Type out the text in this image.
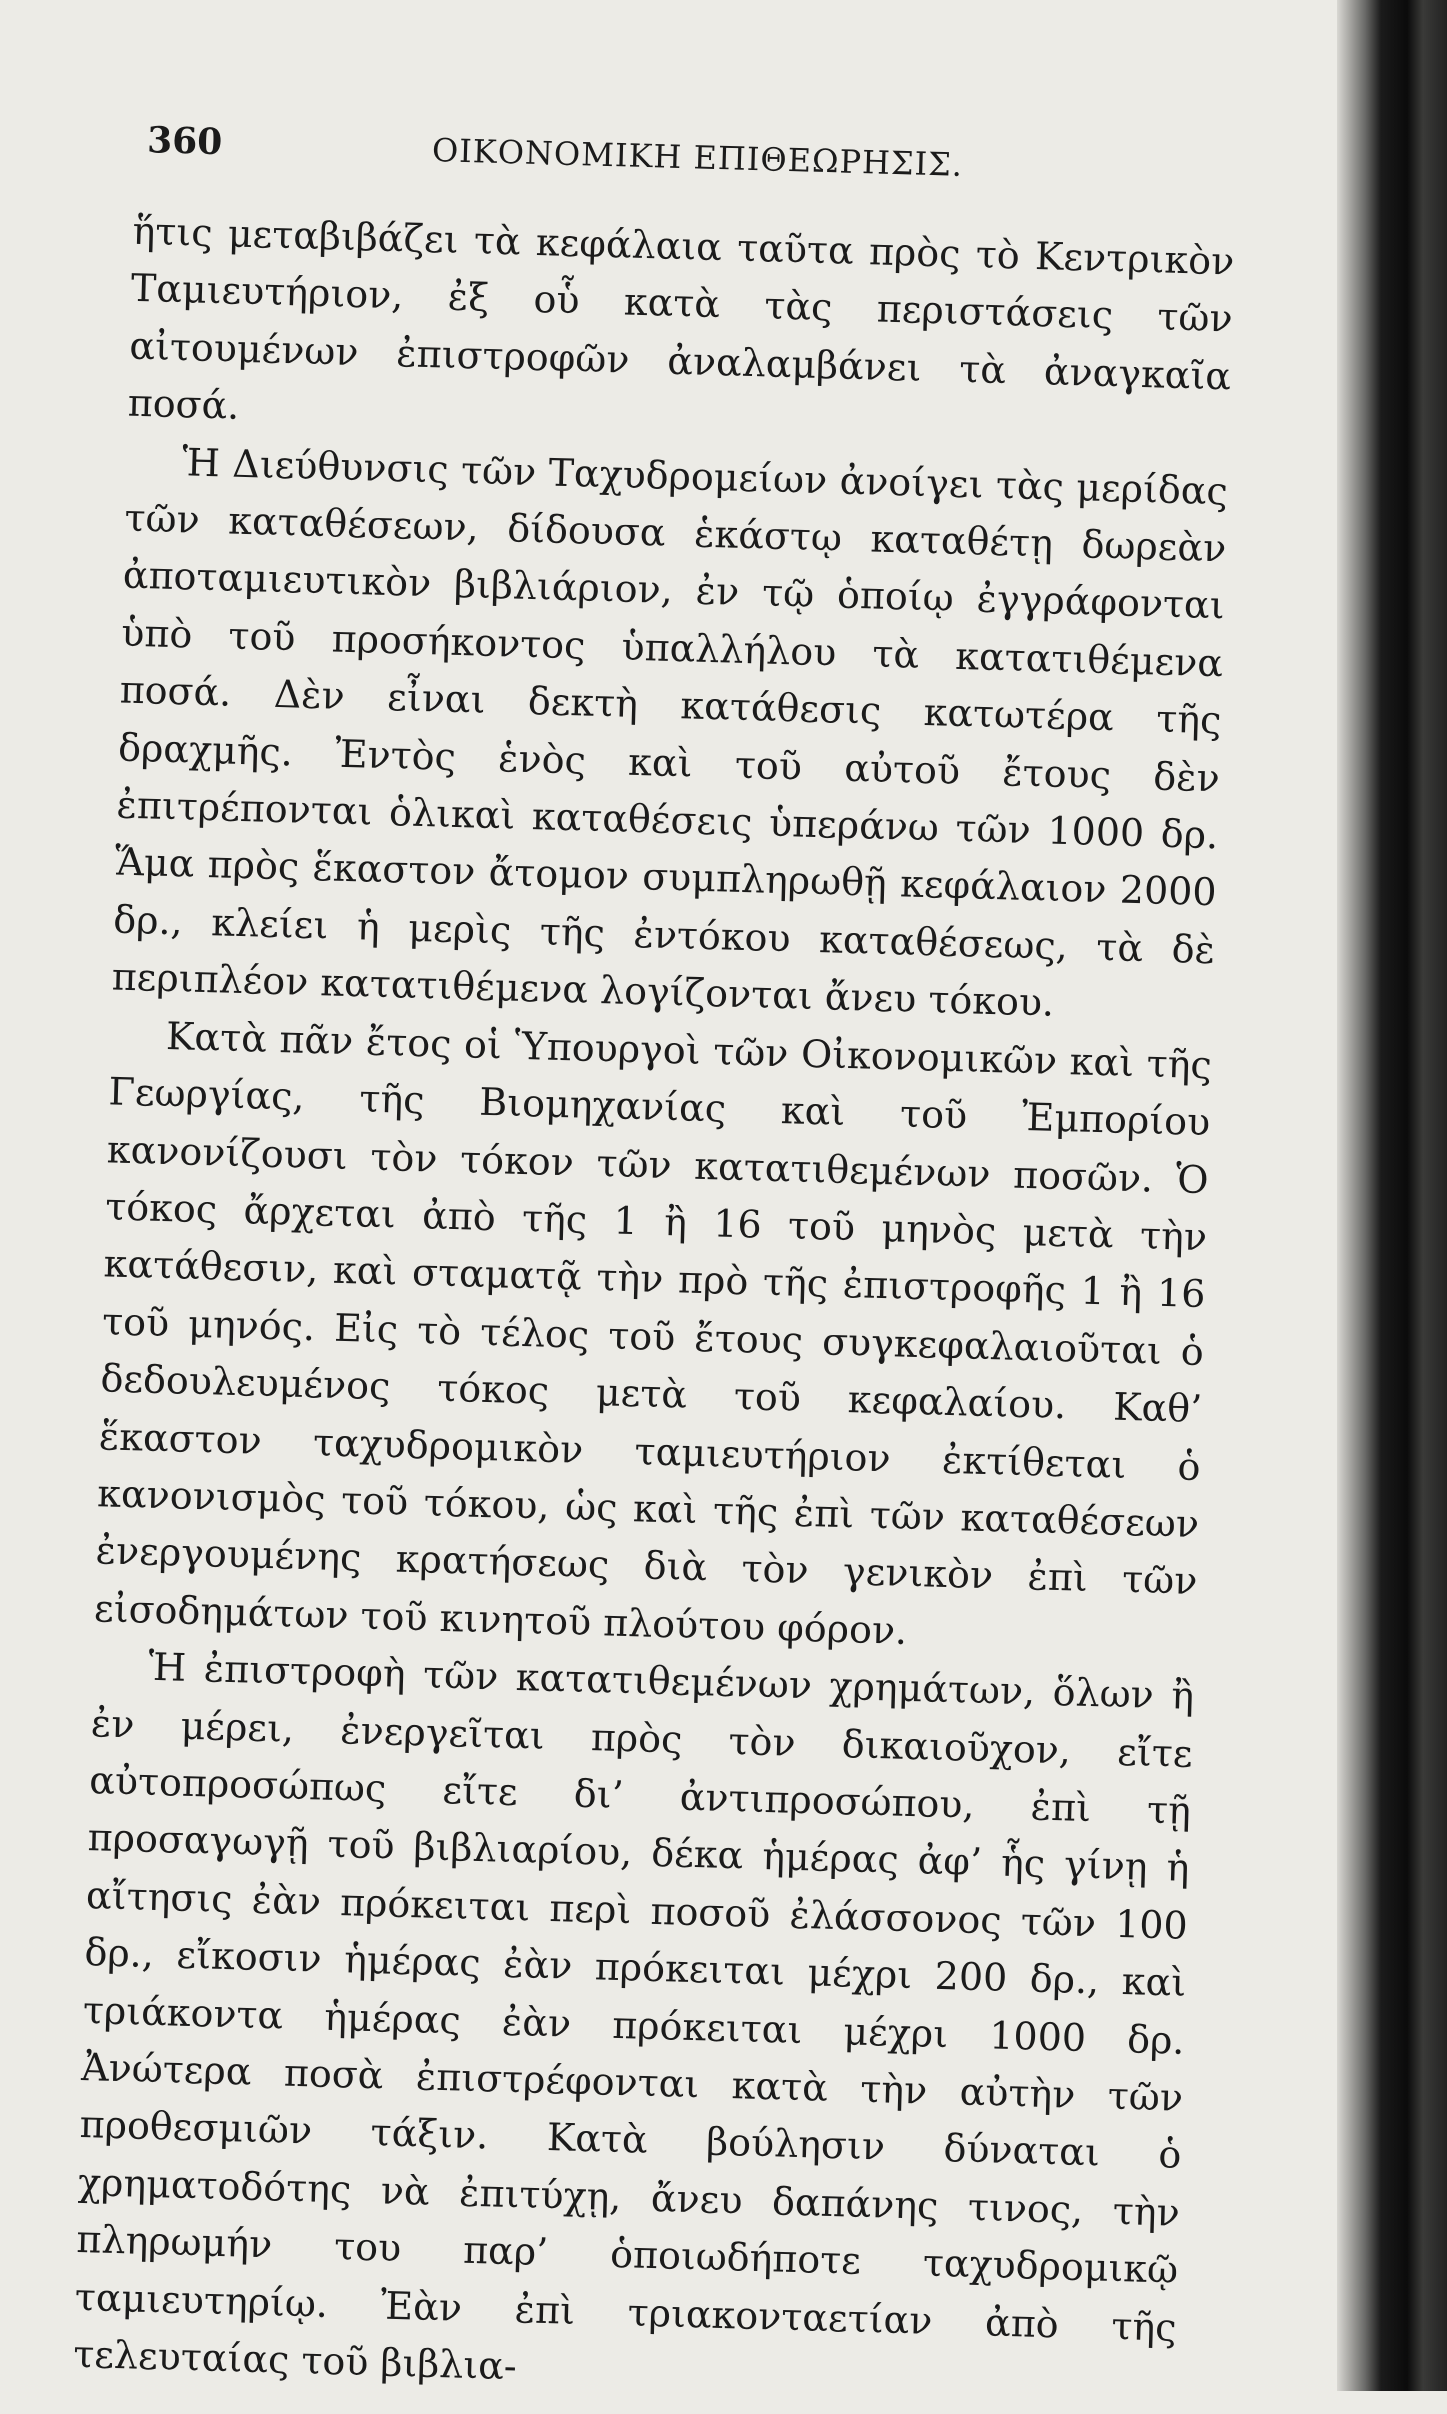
360	ΟΙΚΟΝΟΜΙΚΗ ΕΠΙΘΕΩΡΗΣΙΣ.

ἥτις μεταβιβάζει τὰ κεφάλαια ταῦτα πρὸς τὸ Κεντρικὸν Ταμιευτήριον, ἐξ οὗ κατὰ τὰς περιστάσεις τῶν αἰτουμένων ἐπιστροφῶν ἀναλαμβάνει τὰ ἀναγκαῖα ποσά.

Ἡ Διεύθυνσις τῶν Ταχυδρομείων ἀνοίγει τὰς μερίδας τῶν καταθέσεων, δίδουσα ἑκάστῳ καταθέτῃ δωρεὰν ἀποταμιευτικὸν βιβλιάριον, ἐν τῷ ὁποίῳ ἐγγράφονται ὑπὸ τοῦ προσήκοντος ὑπαλλήλου τὰ κατατιθέμενα ποσά. Δὲν εἶναι δεκτὴ κατάθεσις κατωτέρα τῆς δραχμῆς. Ἐντὸς ἑνὸς καὶ τοῦ αὐτοῦ ἔτους δὲν ἐπιτρέπονται ὁλικαὶ καταθέσεις ὑπεράνω τῶν 1000 δρ. Ἅμα πρὸς ἕκαστον ἄτομον συμπληρωθῇ κεφάλαιον 2000 δρ., κλείει ἡ μερὶς τῆς ἐντόκου καταθέσεως, τὰ δὲ περιπλέον κατατιθέμενα λογίζονται ἄνευ τόκου.

Κατὰ πᾶν ἔτος οἱ Ὑπουργοὶ τῶν Οἰκονομικῶν καὶ τῆς Γεωργίας, τῆς Βιομηχανίας καὶ τοῦ Ἐμπορίου κανονίζουσι τὸν τόκον τῶν κατατιθεμένων ποσῶν. Ὁ τόκος ἄρχεται ἀπὸ τῆς 1 ἢ 16 τοῦ μηνὸς μετὰ τὴν κατάθεσιν, καὶ σταματᾷ τὴν πρὸ τῆς ἐπιστροφῆς 1 ἢ 16 τοῦ μηνός. Εἰς τὸ τέλος τοῦ ἔτους συγκεφαλαιοῦται ὁ δεδουλευμένος τόκος μετὰ τοῦ κεφαλαίου. Καθ’ ἕκαστον ταχυδρομικὸν ταμιευτήριον ἐκτίθεται ὁ κανονισμὸς τοῦ τόκου, ὡς καὶ τῆς ἐπὶ τῶν καταθέσεων ἐνεργουμένης κρατήσεως διὰ τὸν γενικὸν ἐπὶ τῶν εἰσοδημάτων τοῦ κινητοῦ πλούτου φόρον.

Ἡ ἐπιστροφὴ τῶν κατατιθεμένων χρημάτων, ὅλων ἢ ἐν μέρει, ἐνεργεῖται πρὸς τὸν δικαιοῦχον, εἴτε αὐτοπροσώπως εἴτε δι’ ἀντιπροσώπου, ἐπὶ τῇ προσαγωγῇ τοῦ βιβλιαρίου, δέκα ἡμέρας ἀφ’ ἧς γίνῃ ἡ αἴτησις ἐὰν πρόκειται περὶ ποσοῦ ἐλάσσονος τῶν 100 δρ., εἴκοσιν ἡμέρας ἐὰν πρόκειται μέχρι 200 δρ., καὶ τριάκοντα ἡμέρας ἐὰν πρόκειται μέχρι 1000 δρ. Ἀνώτερα ποσὰ ἐπιστρέφονται κατὰ τὴν αὐτὴν τῶν προθεσμιῶν τάξιν. Κατὰ βούλησιν δύναται ὁ χρηματοδότης νὰ ἐπιτύχῃ, ἄνευ δαπάνης τινος, τὴν πληρωμήν του παρ’ ὁποιωδήποτε ταχυδρομικῷ ταμιευτηρίῳ. Ἐὰν ἐπὶ τριακονταετίαν ἀπὸ τῆς τελευταίας τοῦ βιβλια-
